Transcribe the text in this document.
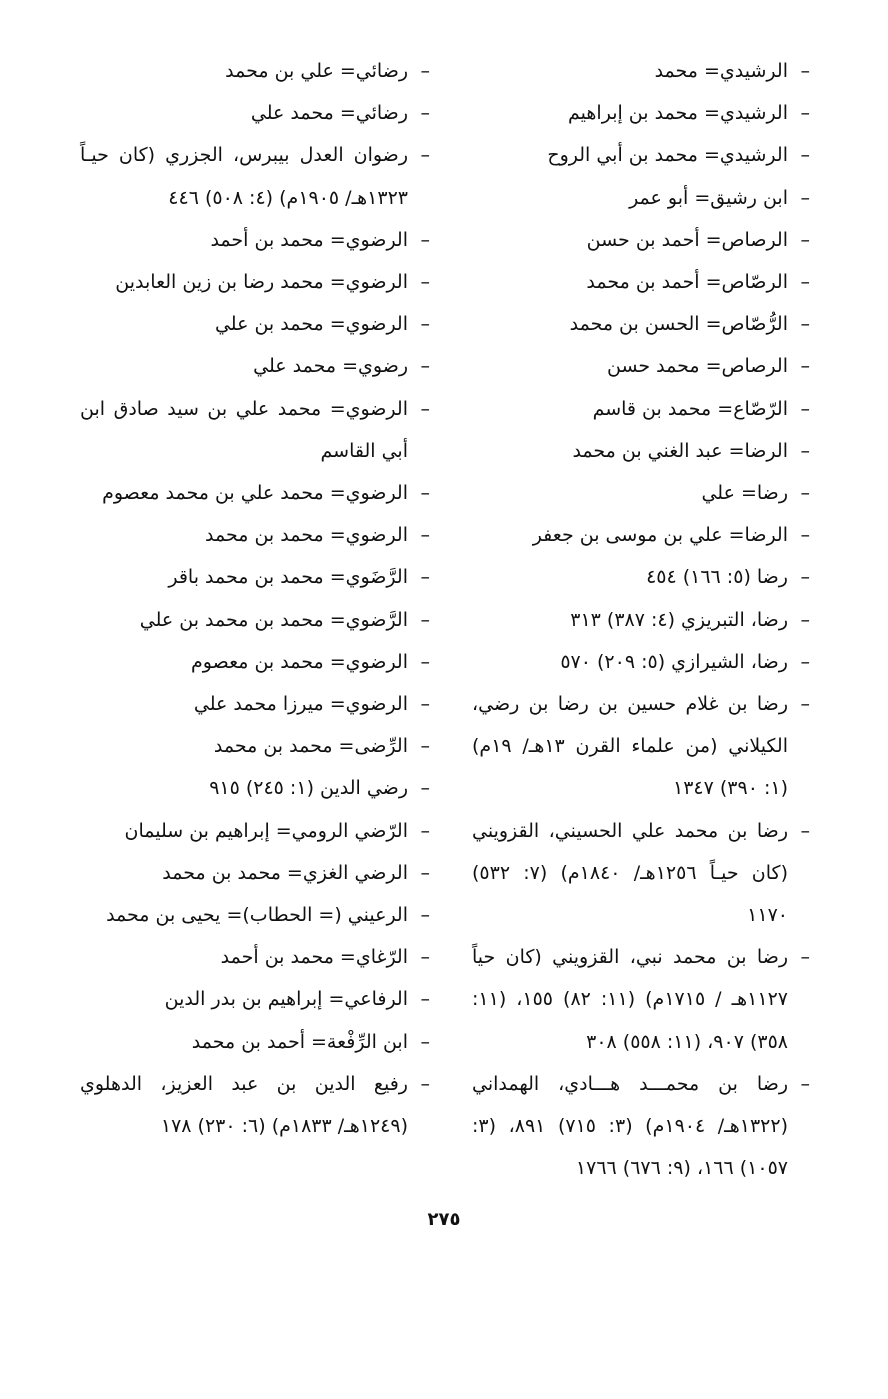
–
الرشيدي= محمد
–
الرشيدي= محمد بن إبراهيم
–
الرشيدي= محمد بن أبي الروح
–
ابن رشيق= أبو عمر
–
الرصاص= أحمد بن حسن
–
الرصّاص= أحمد بن محمد
–
الرُّصّاص= الحسن بن محمد
–
الرصاص= محمد حسن
–
الرّصّاع= محمد بن قاسم
–
الرضا= عبد الغني بن محمد
–
رضا= علي
–
الرضا= علي بن موسى بن جعفر
–
رضا (٥: ١٦٦) ٤٥٤
–
رضا، التبريزي (٤: ٣٨٧) ٣١٣
–
رضا، الشيرازي (٥: ٢٠٩) ٥٧٠
–
رضا بن غلام حسين بن رضا بن رضي، الكيلاني (من علماء القرن ١٣هـ/ ١٩م) (١: ٣٩٠) ١٣٤٧
–
رضا بن محمد علي الحسيني، القزويني (كان حيـاً ١٢٥٦هـ/ ١٨٤٠م) (٧: ٥٣٢) ١١٧٠
–
رضا بن محمد نبي، القزويني (كان حياً ١١٢٧هـ / ١٧١٥م) (١١: ٨٢) ١٥٥، (١١: ٣٥٨) ٩٠٧، (١١: ٥٥٨) ٣٠٨
–
رضا بن محمـــد هـــادي، الهمداني (١٣٢٢هـ/ ١٩٠٤م) (٣: ٧١٥) ٨٩١، (٣: ١٠٥٧) ١٦٦، (٩: ٦٧٦) ١٧٦٦
–
رضائي= علي بن محمد
–
رضائي= محمد علي
–
رضوان العدل بيبرس، الجزري (كان حيـاً ١٣٢٣هـ/ ١٩٠٥م) (٤: ٥٠٨) ٤٤٦
–
الرضوي= محمد بن أحمد
–
الرضوي= محمد رضا بن زين العابدين
–
الرضوي= محمد بن علي
–
رضوي= محمد علي
–
الرضوي= محمد علي بن سيد صادق ابن أبي القاسم
–
الرضوي= محمد علي بن محمد معصوم
–
الرضوي= محمد بن محمد
–
الرَّضَوي= محمد بن محمد باقر
–
الرَّضوي= محمد بن محمد بن علي
–
الرضوي= محمد بن معصوم
–
الرضوي= ميرزا محمد علي
–
الرِّضى= محمد بن محمد
–
رضي الدين (١: ٢٤٥) ٩١٥
–
الرّضي الرومي= إبراهيم بن سليمان
–
الرضي الغزي= محمد بن محمد
–
الرعيني (= الحطاب)= يحيى بن محمد
–
الرّغاي= محمد بن أحمد
–
الرفاعي= إبراهيم بن بدر الدين
–
ابن الرِّفْعة= أحمد بن محمد
–
رفيع الدين بن عبد العزيز، الدهلوي (١٢٤٩هـ/ ١٨٣٣م) (٦: ٢٣٠) ١٧٨
٢٧٥
